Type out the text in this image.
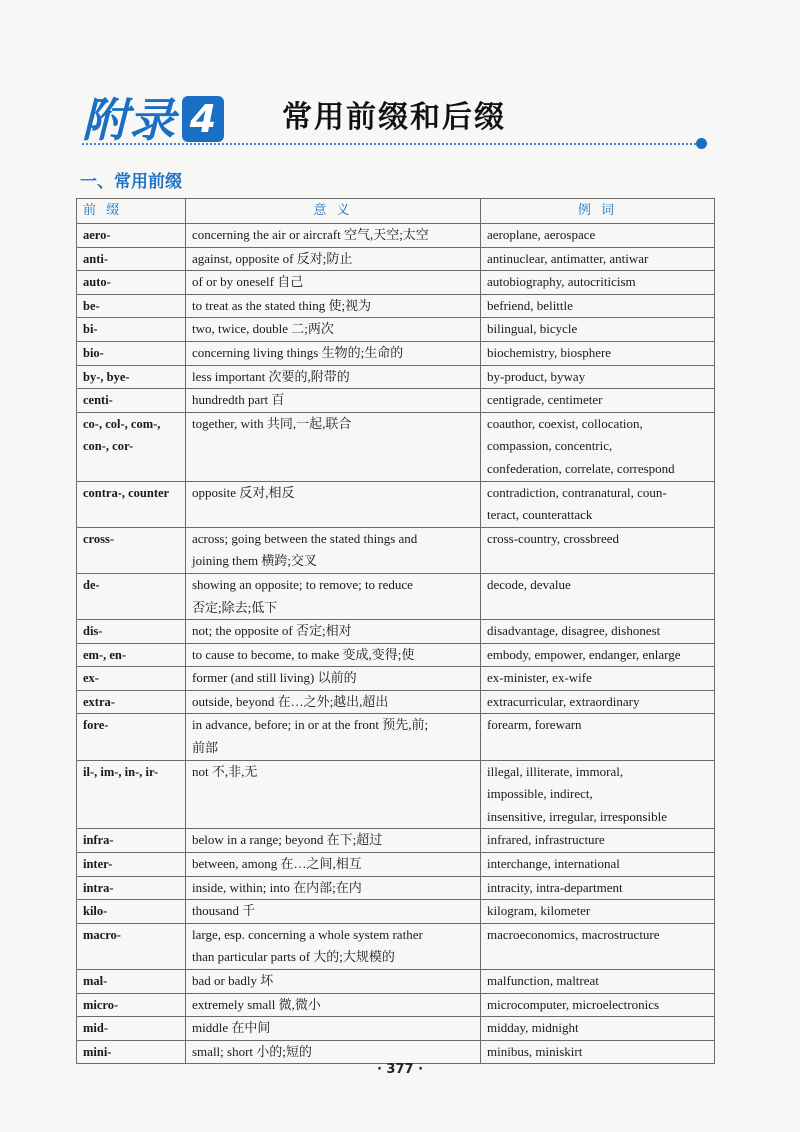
附录 4 常用前缀和后缀
一、常用前缀
前 缀	意 义	例 词
aero-	concerning the air or aircraft 空气,天空;太空	aeroplane, aerospace
anti-	against, opposite of 反对;防止	antinuclear, antimatter, antiwar
auto-	of or by oneself 自己	autobiography, autocriticism
be-	to treat as the stated thing 使;视为	befriend, belittle
bi-	two, twice, double 二;两次	bilingual, bicycle
bio-	concerning living things 生物的;生命的	biochemistry, biosphere
by-, bye-	less important 次要的,附带的	by-product, byway
centi-	hundredth part 百	centigrade, centimeter
co-, col-, com-,
con-, cor-	together, with 共同,一起,联合	coauthor, coexist, collocation,
compassion, concentric,
confederation, correlate, correspond
contra-, counter	opposite 反对,相反	contradiction, contranatural, coun-
teract, counterattack
cross-	across; going between the stated things and
joining them 横跨;交叉	cross-country, crossbreed
de-	showing an opposite; to remove; to reduce
否定;除去;低下	decode, devalue
dis-	not; the opposite of 否定;相对	disadvantage, disagree, dishonest
em-, en-	to cause to become, to make 变成,变得;使	embody, empower, endanger, enlarge
ex-	former (and still living) 以前的	ex-minister, ex-wife
extra-	outside, beyond 在…之外;越出,超出	extracurricular, extraordinary
fore-	in advance, before; in or at the front 预先,前;
前部	forearm, forewarn
il-, im-, in-, ir-	not 不,非,无	illegal, illiterate, immoral,
impossible, indirect,
insensitive, irregular, irresponsible
infra-	below in a range; beyond 在下;超过	infrared, infrastructure
inter-	between, among 在…之间,相互	interchange, international
intra-	inside, within; into 在内部;在内	intracity, intra-department
kilo-	thousand 千	kilogram, kilometer
macro-	large, esp. concerning a whole system rather
than particular parts of 大的;大规模的	macroeconomics, macrostructure
mal-	bad or badly 坏	malfunction, maltreat
micro-	extremely small 微,微小	microcomputer, microelectronics
mid-	middle 在中间	midday, midnight
mini-	small; short 小的;短的	minibus, miniskirt
· 377 ·
